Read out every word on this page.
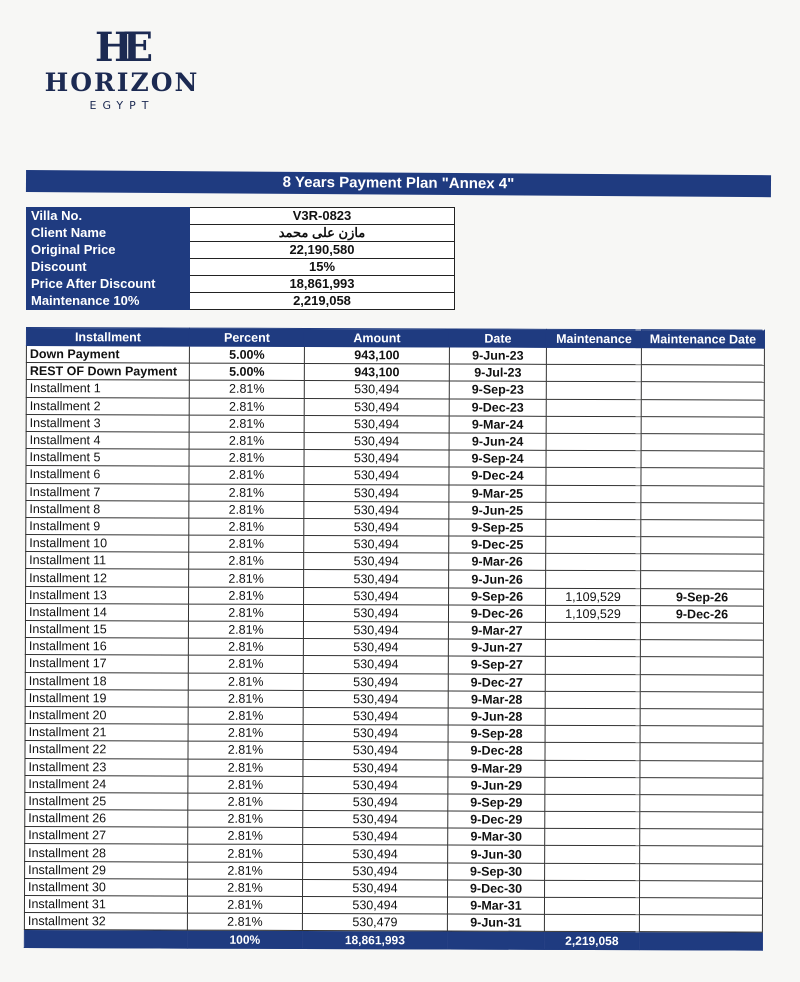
HE
HORIZON
EGYPT
8 Years Payment Plan "Annex 4"
Villa No.	V3R-0823
Client Name	مازن على محمد
Original Price	22,190,580
Discount	15%
Price After Discount	18,861,993
Maintenance 10%	2,219,058
Installment	Percent	Amount	Date	Maintenance	Maintenance Date
Down Payment	5.00%	943,100	9-Jun-23		
REST OF Down Payment	5.00%	943,100	9-Jul-23		
Installment 1	2.81%	530,494	9-Sep-23		
Installment 2	2.81%	530,494	9-Dec-23		
Installment 3	2.81%	530,494	9-Mar-24		
Installment 4	2.81%	530,494	9-Jun-24		
Installment 5	2.81%	530,494	9-Sep-24		
Installment 6	2.81%	530,494	9-Dec-24		
Installment 7	2.81%	530,494	9-Mar-25		
Installment 8	2.81%	530,494	9-Jun-25		
Installment 9	2.81%	530,494	9-Sep-25		
Installment 10	2.81%	530,494	9-Dec-25		
Installment 11	2.81%	530,494	9-Mar-26		
Installment 12	2.81%	530,494	9-Jun-26		
Installment 13	2.81%	530,494	9-Sep-26	1,109,529	9-Sep-26
Installment 14	2.81%	530,494	9-Dec-26	1,109,529	9-Dec-26
Installment 15	2.81%	530,494	9-Mar-27		
Installment 16	2.81%	530,494	9-Jun-27		
Installment 17	2.81%	530,494	9-Sep-27		
Installment 18	2.81%	530,494	9-Dec-27		
Installment 19	2.81%	530,494	9-Mar-28		
Installment 20	2.81%	530,494	9-Jun-28		
Installment 21	2.81%	530,494	9-Sep-28		
Installment 22	2.81%	530,494	9-Dec-28		
Installment 23	2.81%	530,494	9-Mar-29		
Installment 24	2.81%	530,494	9-Jun-29		
Installment 25	2.81%	530,494	9-Sep-29		
Installment 26	2.81%	530,494	9-Dec-29		
Installment 27	2.81%	530,494	9-Mar-30		
Installment 28	2.81%	530,494	9-Jun-30		
Installment 29	2.81%	530,494	9-Sep-30		
Installment 30	2.81%	530,494	9-Dec-30		
Installment 31	2.81%	530,494	9-Mar-31		
Installment 32	2.81%	530,479	9-Jun-31		
	100%	18,861,993		2,219,058	
